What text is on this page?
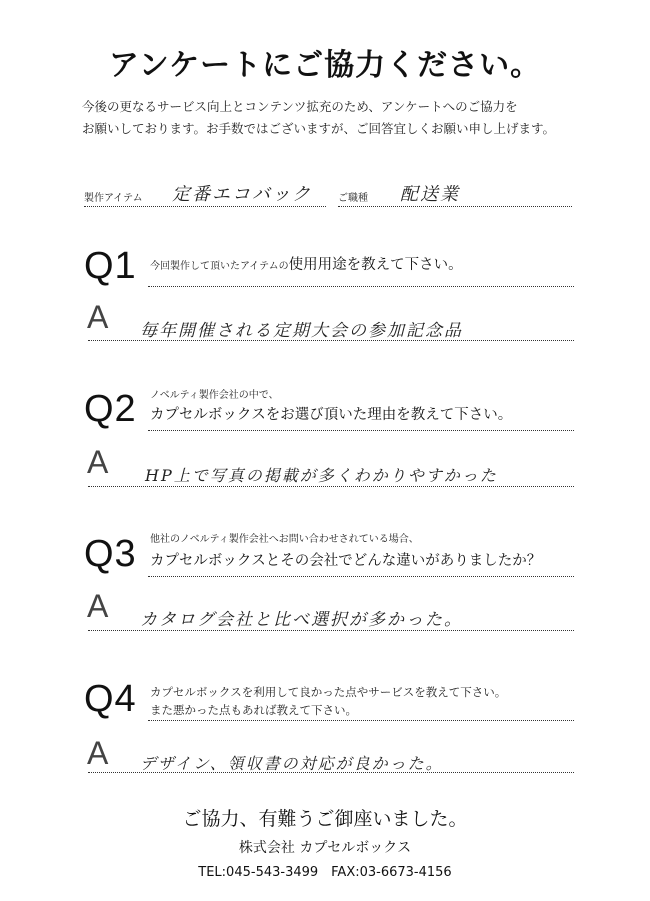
アンケートにご協力ください。
今後の更なるサービス向上とコンテンツ拡充のため、アンケートへのご協力を
お願いしております。お手数ではございますが、ご回答宜しくお願い申し上げます。
製作アイテム 定番エコバック	ご職種 配送業
Q1 今回製作して頂いたアイテムの使用用途を教えて下さい。
A 毎年開催される定期大会の参加記念品
Q2 ノベルティ製作会社の中で、
カプセルボックスをお選び頂いた理由を教えて下さい。
A HP上で写真の掲載が多くわかりやすかった
Q3 他社のノベルティ製作会社へお問い合わせされている場合、
カプセルボックスとその会社でどんな違いがありましたか？
A カタログ会社と比べ選択が多かった。
Q4 カプセルボックスを利用して良かった点やサービスを教えて下さい。
また悪かった点もあれば教えて下さい。
A デザイン、領収書の対応が良かった。
ご協力、有難うご御座いました。
株式会社 カプセルボックス
TEL:045-543-3499　FAX:03-6673-4156
